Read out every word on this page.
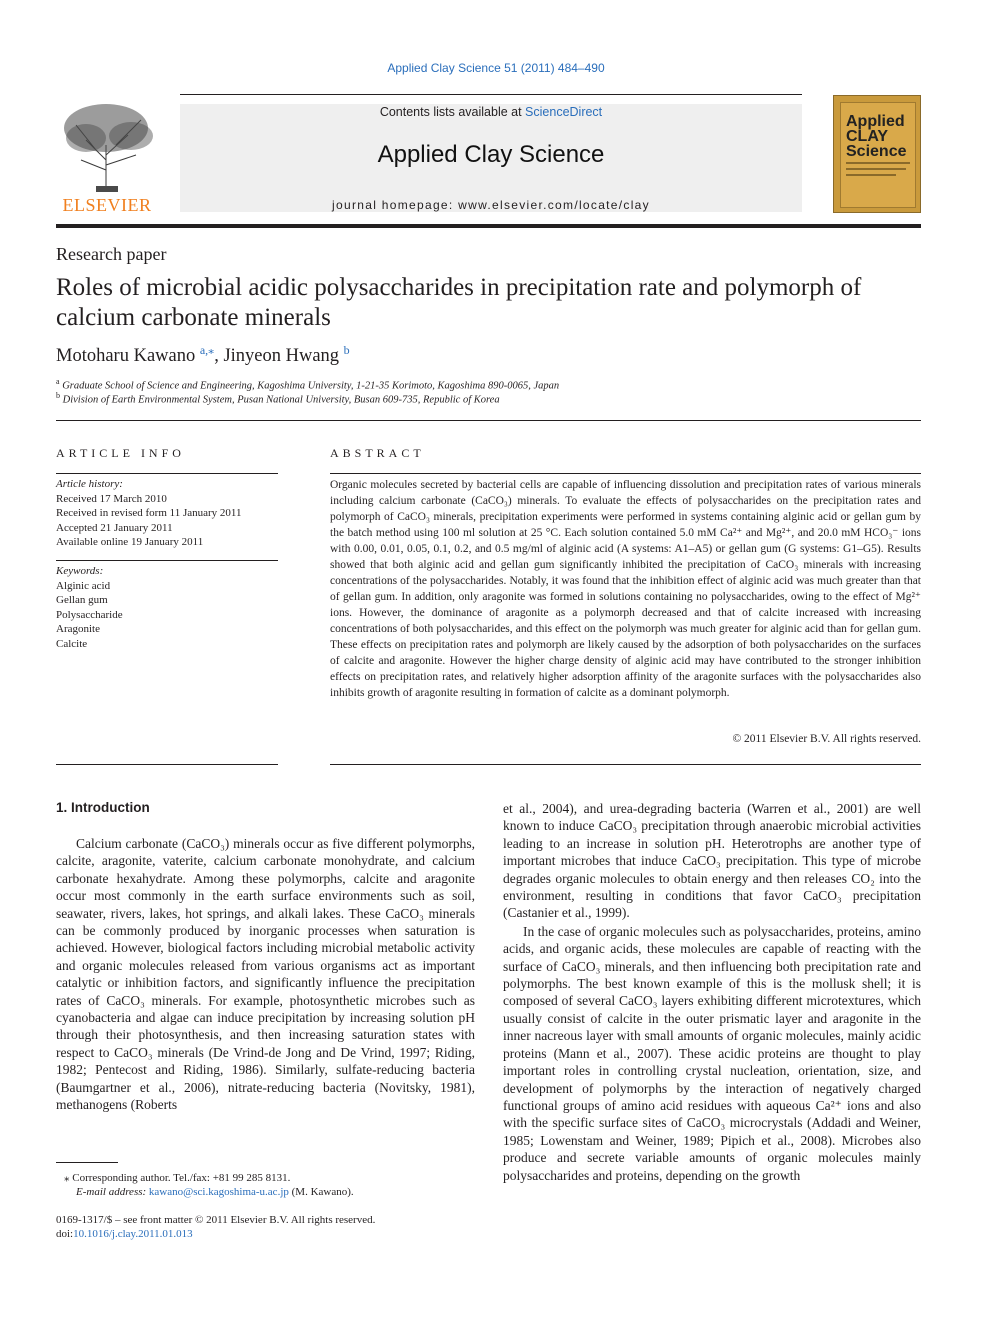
Applied Clay Science 51 (2011) 484–490
ELSEVIER
Contents lists available at ScienceDirect
Applied Clay Science
journal homepage: www.elsevier.com/locate/clay
Applied CLAY Science
Research paper
Roles of microbial acidic polysaccharides in precipitation rate and polymorph of calcium carbonate minerals
Motoharu Kawano $^{a,⁎}$, Jinyeon Hwang $^b$
$^a$ Graduate School of Science and Engineering, Kagoshima University, 1-21-35 Korimoto, Kagoshima 890-0065, Japan
$^b$ Division of Earth Environmental System, Pusan National University, Busan 609-735, Republic of Korea
ARTICLE INFO
Article history:
Received 17 March 2010
Received in revised form 11 January 2011
Accepted 21 January 2011
Available online 19 January 2011
Keywords:
Alginic acid
Gellan gum
Polysaccharide
Aragonite
Calcite
ABSTRACT
Organic molecules secreted by bacterial cells are capable of influencing dissolution and precipitation rates of various minerals including calcium carbonate (CaCO₃) minerals. To evaluate the effects of polysaccharides on the precipitation rates and polymorph of CaCO₃ minerals, precipitation experiments were performed in systems containing alginic acid or gellan gum by the batch method using 100 ml solution at 25 °C. Each solution contained 5.0 mM Ca²⁺ and Mg²⁺, and 20.0 mM HCO₃⁻ ions with 0.00, 0.01, 0.05, 0.1, 0.2, and 0.5 mg/ml of alginic acid (A systems: A1–A5) or gellan gum (G systems: G1–G5). Results showed that both alginic acid and gellan gum significantly inhibited the precipitation of CaCO₃ minerals with increasing concentrations of the polysaccharides. Notably, it was found that the inhibition effect of alginic acid was much greater than that of gellan gum. In addition, only aragonite was formed in solutions containing no polysaccharides, owing to the effect of Mg²⁺ ions. However, the dominance of aragonite as a polymorph decreased and that of calcite increased with increasing concentrations of both polysaccharides, and this effect on the polymorph was much greater for alginic acid than for gellan gum. These effects on precipitation rates and polymorph are likely caused by the adsorption of both polysaccharides on the surfaces of calcite and aragonite. However the higher charge density of alginic acid may have contributed to the stronger inhibition effects on precipitation rates, and relatively higher adsorption affinity of the aragonite surfaces with the polysaccharides also inhibits growth of aragonite resulting in formation of calcite as a dominant polymorph.
© 2011 Elsevier B.V. All rights reserved.
1. Introduction

Calcium carbonate (CaCO₃) minerals occur as five different polymorphs, calcite, aragonite, vaterite, calcium carbonate monohydrate, and calcium carbonate hexahydrate. Among these polymorphs, calcite and aragonite occur most commonly in the earth surface environments such as soil, seawater, rivers, lakes, hot springs, and alkali lakes. These CaCO₃ minerals can be commonly produced by inorganic processes when saturation is achieved. However, biological factors including microbial metabolic activity and organic molecules released from various organisms act as important catalytic or inhibition factors, and significantly influence the precipitation rates of CaCO₃ minerals. For example, photosynthetic microbes such as cyanobacteria and algae can induce precipitation by increasing solution pH through their photosynthesis, and then increasing saturation states with respect to CaCO₃ minerals (De Vrind-de Jong and De Vrind, 1997; Riding, 1982; Pentecost and Riding, 1986). Similarly, sulfate-reducing bacteria (Baumgartner et al., 2006), nitrate-reducing bacteria (Novitsky, 1981), methanogens (Roberts

et al., 2004), and urea-degrading bacteria (Warren et al., 2001) are well known to induce CaCO₃ precipitation through anaerobic microbial activities leading to an increase in solution pH. Heterotrophs are another type of important microbes that induce CaCO₃ precipitation. This type of microbe degrades organic molecules to obtain energy and then releases CO₂ into the environment, resulting in conditions that favor CaCO₃ precipitation (Castanier et al., 1999).

In the case of organic molecules such as polysaccharides, proteins, amino acids, and organic acids, these molecules are capable of reacting with the surface of CaCO₃ minerals, and then influencing both precipitation rate and polymorphs. The best known example of this is the mollusk shell; it is composed of several CaCO₃ layers exhibiting different microtextures, which usually consist of calcite in the outer prismatic layer and aragonite in the inner nacreous layer with small amounts of organic molecules, mainly acidic proteins (Mann et al., 2007). These acidic proteins are thought to play important roles in controlling crystal nucleation, orientation, size, and development of polymorphs by the interaction of negatively charged functional groups of amino acid residues with aqueous Ca²⁺ ions and also with the specific surface sites of CaCO₃ microcrystals (Addadi and Weiner, 1985; Lowenstam and Weiner, 1989; Pipich et al., 2008). Microbes also produce and secrete variable amounts of organic molecules mainly polysaccharides and proteins, depending on the growth

⁎ Corresponding author. Tel./fax: +81 99 285 8131.
E-mail address: kawano@sci.kagoshima-u.ac.jp (M. Kawano).
0169-1317/$ – see front matter © 2011 Elsevier B.V. All rights reserved.
doi:10.1016/j.clay.2011.01.013
